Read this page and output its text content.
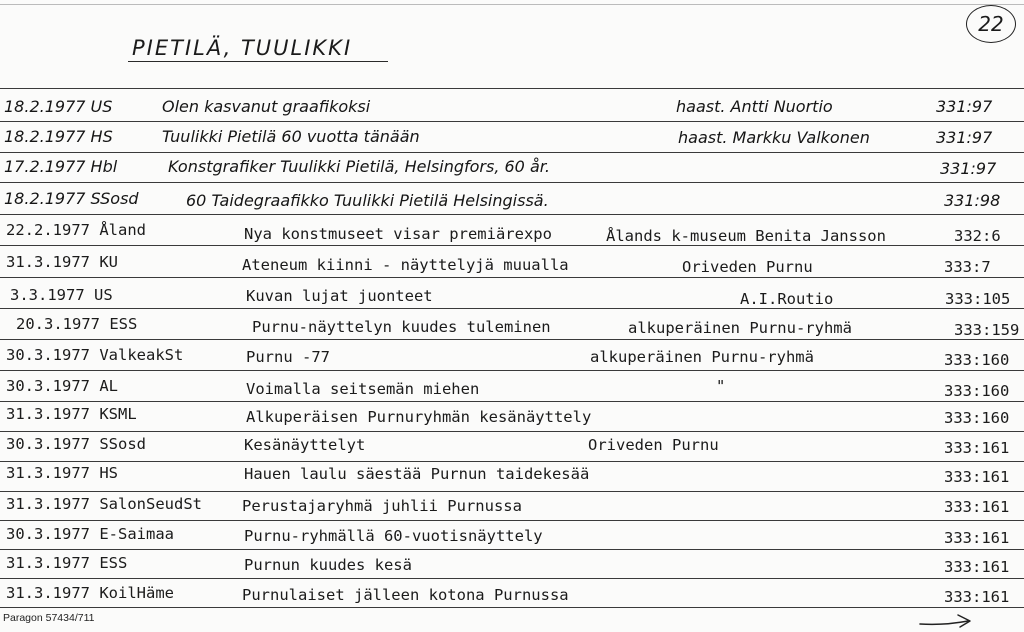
PIETILÄ, TUULIKKI
22
18.2.1977 US	Olen kasvanut graafikoksi	haast. Antti Nuortio	331:97
18.2.1977 HS	Tuulikki Pietilä 60 vuotta tänään	haast. Markku Valkonen	331:97
17.2.1977 Hbl	Konstgrafiker Tuulikki Pietilä, Helsingfors, 60 år.	331:97
18.2.1977 SSosd	60 Taidegraafikko Tuulikki Pietilä Helsingissä.	331:98
22.2.1977 Åland	Nya konstmuseet visar premiärexpo	Ålands k-museum Benita Jansson	332:6
31.3.1977 KU	Ateneum kiinni - näyttelyjä muualla	Oriveden Purnu	333:7
3.3.1977 US	Kuvan lujat juonteet	A.I.Routio	333:105
20.3.1977 ESS	Purnu-näyttelyn kuudes tuleminen	alkuperäinen Purnu-ryhmä	333:159
30.3.1977 ValkeakSt	Purnu -77	alkuperäinen Purnu-ryhmä	333:160
30.3.1977 AL	Voimalla seitsemän miehen	"	333:160
31.3.1977 KSML	Alkuperäisen Purnuryhmän kesänäyttely	333:160
30.3.1977 SSosd	Kesänäyttelyt	Oriveden Purnu	333:161
31.3.1977 HS	Hauen laulu säestää Purnun taidekesää	333:161
31.3.1977 SalonSeudSt	Perustajaryhmä juhlii Purnussa	333:161
30.3.1977 E-Saimaa	Purnu-ryhmällä 60-vuotisnäyttely	333:161
31.3.1977 ESS	Purnun kuudes kesä	333:161
31.3.1977 KoilHäme	Purnulaiset jälleen kotona Purnussa	333:161
Paragon 57434/711
